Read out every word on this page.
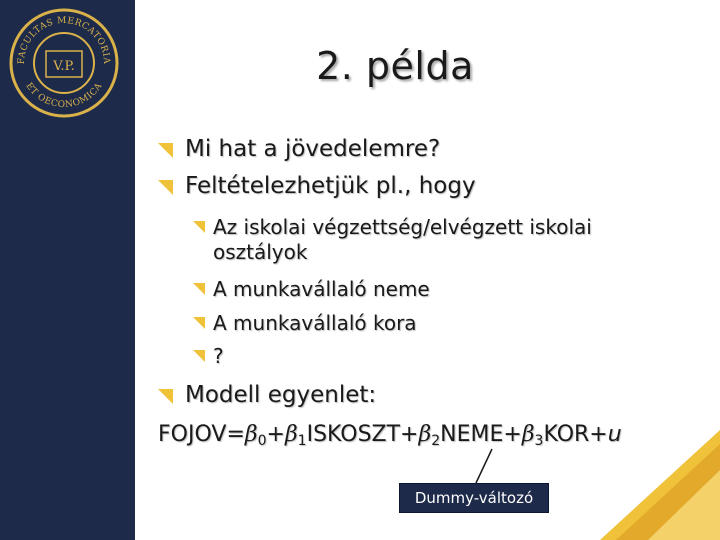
FACULTAS MERCATORIA
ET OECONOMICA
V.P.	2. példa
Mi hat a jövedelemre?
Feltételezhetjük pl., hogy
Az iskolai végzettség/elvégzett iskolai osztályok
A munkavállaló neme
A munkavállaló kora
?
Modell egyenlet:
$FOJOV=\beta_0+\beta_1ISKOSZT+\beta_2NEME+\beta_3KOR+u$
Dummy-változó
